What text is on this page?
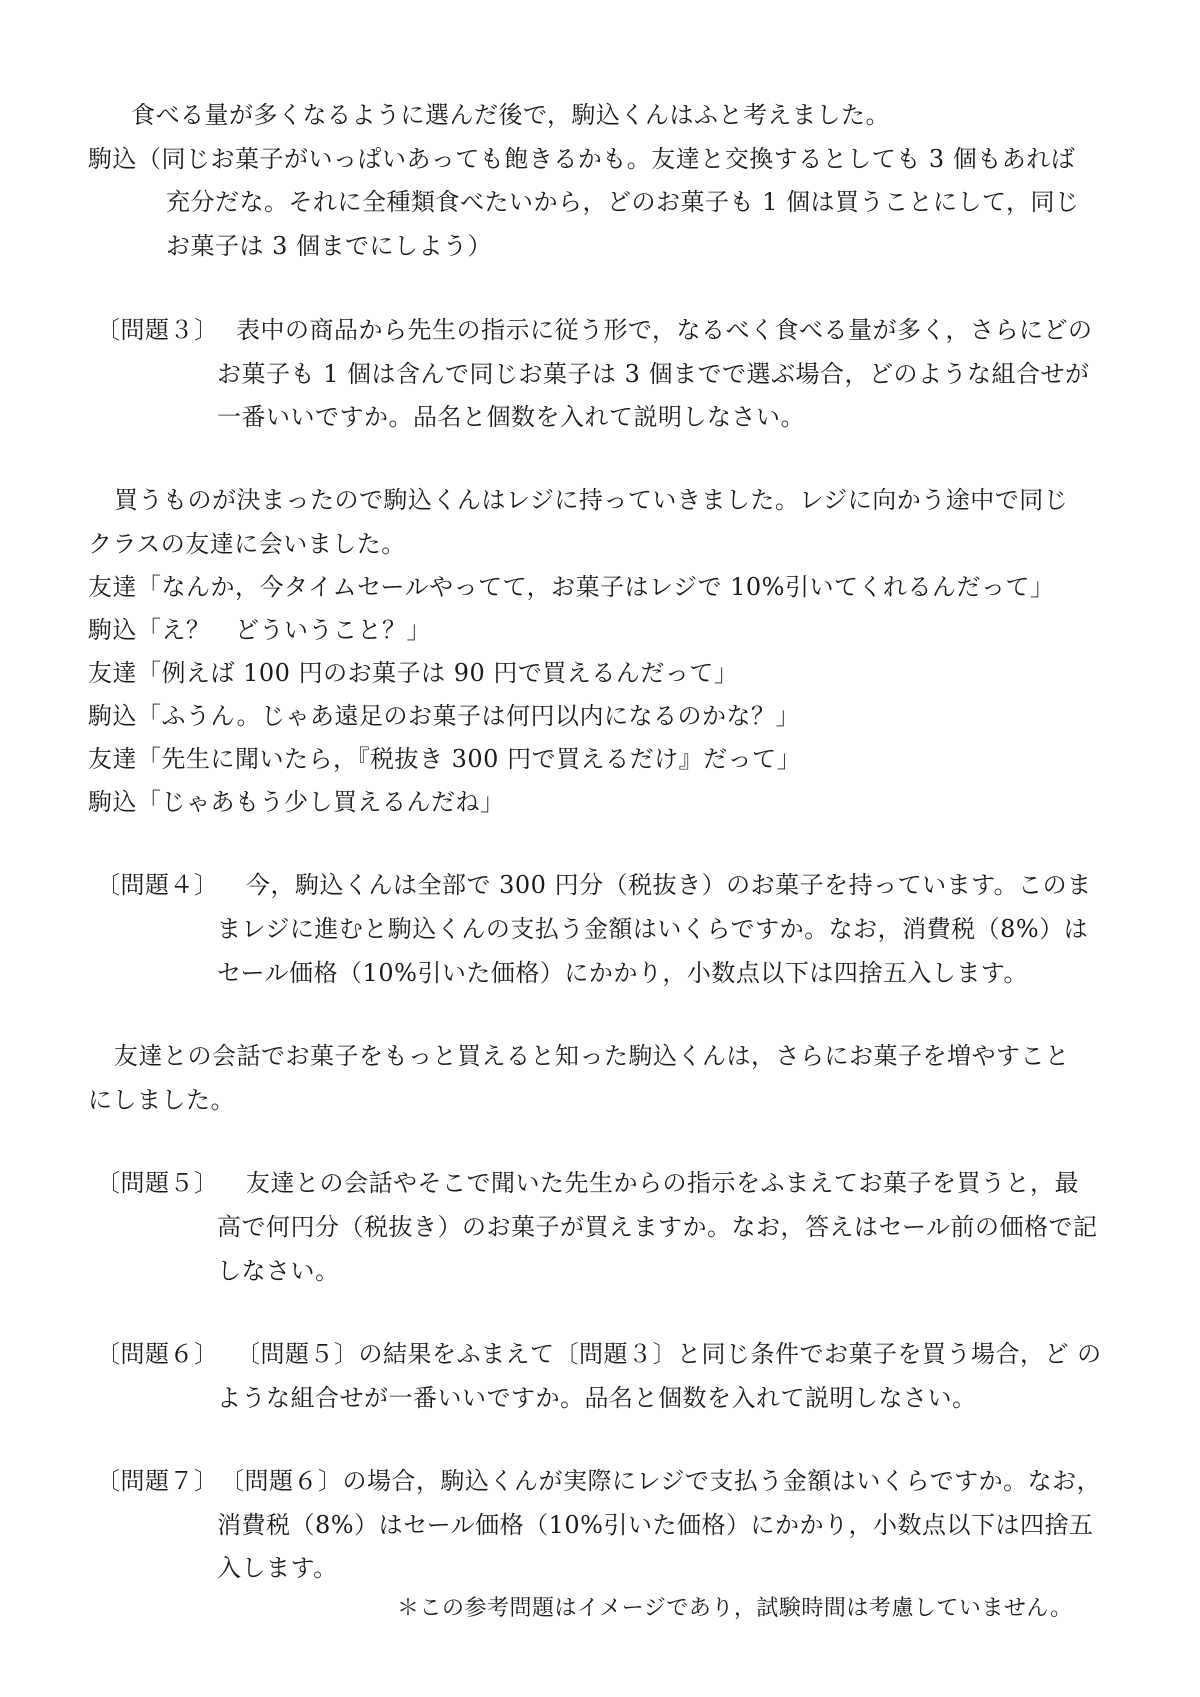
食べる量が多くなるように選んだ後で，駒込くんはふと考えました。
駒込（同じお菓子がいっぱいあっても飽きるかも。友達と交換するとしても 3 個もあれば
充分だな。それに全種類食べたいから，どのお菓子も 1 個は買うことにして，同じ
お菓子は 3 個までにしよう）
〔問題３〕 表中の商品から先生の指示に従う形で，なるべく食べる量が多く，さらにどの
お菓子も 1 個は含んで同じお菓子は 3 個までで選ぶ場合，どのような組合せが
一番いいですか。品名と個数を入れて説明しなさい。
買うものが決まったので駒込くんはレジに持っていきました。レジに向かう途中で同じ
クラスの友達に会いました。
友達「なんか，今タイムセールやってて，お菓子はレジで 10%引いてくれるんだって」
駒込「え？　どういうこと？」
友達「例えば 100 円のお菓子は 90 円で買えるんだって」
駒込「ふうん。じゃあ遠足のお菓子は何円以内になるのかな？」
友達「先生に聞いたら，『税抜き 300 円で買えるだけ』だって」
駒込「じゃあもう少し買えるんだね」
〔問題４〕 今，駒込くんは全部で 300 円分（税抜き）のお菓子を持っています。このま
まレジに進むと駒込くんの支払う金額はいくらですか。なお，消費税（8%）は
セール価格（10%引いた価格）にかかり，小数点以下は四捨五入します。
友達との会話でお菓子をもっと買えると知った駒込くんは，さらにお菓子を増やすこと
にしました。
〔問題５〕 友達との会話やそこで聞いた先生からの指示をふまえてお菓子を買うと，最
高で何円分（税抜き）のお菓子が買えますか。なお，答えはセール前の価格で記
しなさい。
〔問題６〕 〔問題５〕の結果をふまえて〔問題３〕と同じ条件でお菓子を買う場合，ど の
ような組合せが一番いいですか。品名と個数を入れて説明しなさい。
〔問題７〕 〔問題６〕の場合，駒込くんが実際にレジで支払う金額はいくらですか。なお，
消費税（8%）はセール価格（10%引いた価格）にかかり，小数点以下は四捨五
入します。
＊この参考問題はイメージであり，試験時間は考慮していません。
